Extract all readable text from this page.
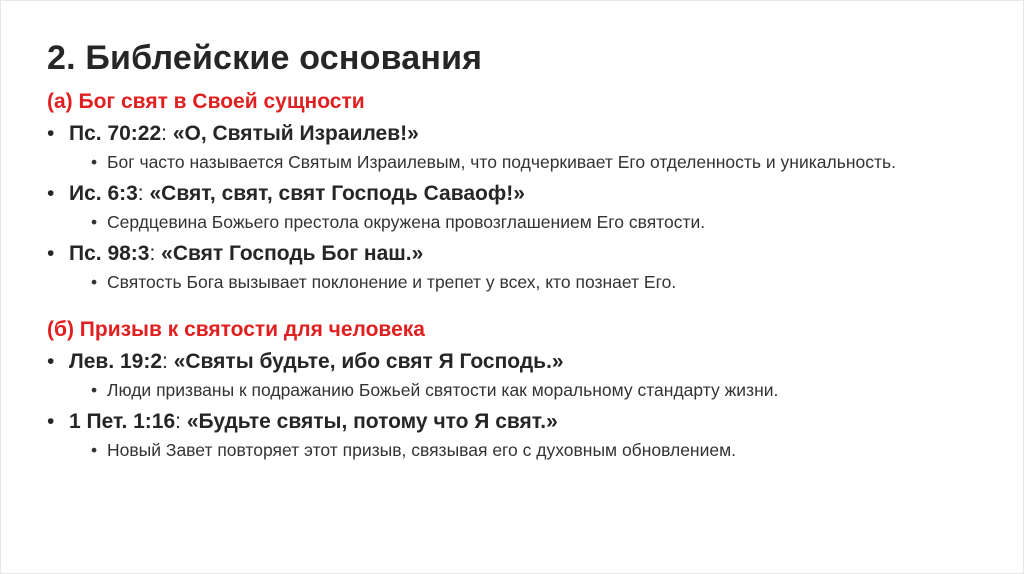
2. Библейские основания
(а) Бог свят в Своей сущности
• Пс. 70:22: «О, Святый Израилев!»
• Бог часто называется Святым Израилевым, что подчеркивает Его отделенность и уникальность.
• Ис. 6:3: «Свят, свят, свят Господь Саваоф!»
• Сердцевина Божьего престола окружена провозглашением Его святости.
• Пс. 98:3: «Свят Господь Бог наш.»
• Святость Бога вызывает поклонение и трепет у всех, кто познает Его.
(б) Призыв к святости для человека
• Лев. 19:2: «Святы будьте, ибо свят Я Господь.»
• Люди призваны к подражанию Божьей святости как моральному стандарту жизни.
• 1 Пет. 1:16: «Будьте святы, потому что Я свят.»
• Новый Завет повторяет этот призыв, связывая его с духовным обновлением.
